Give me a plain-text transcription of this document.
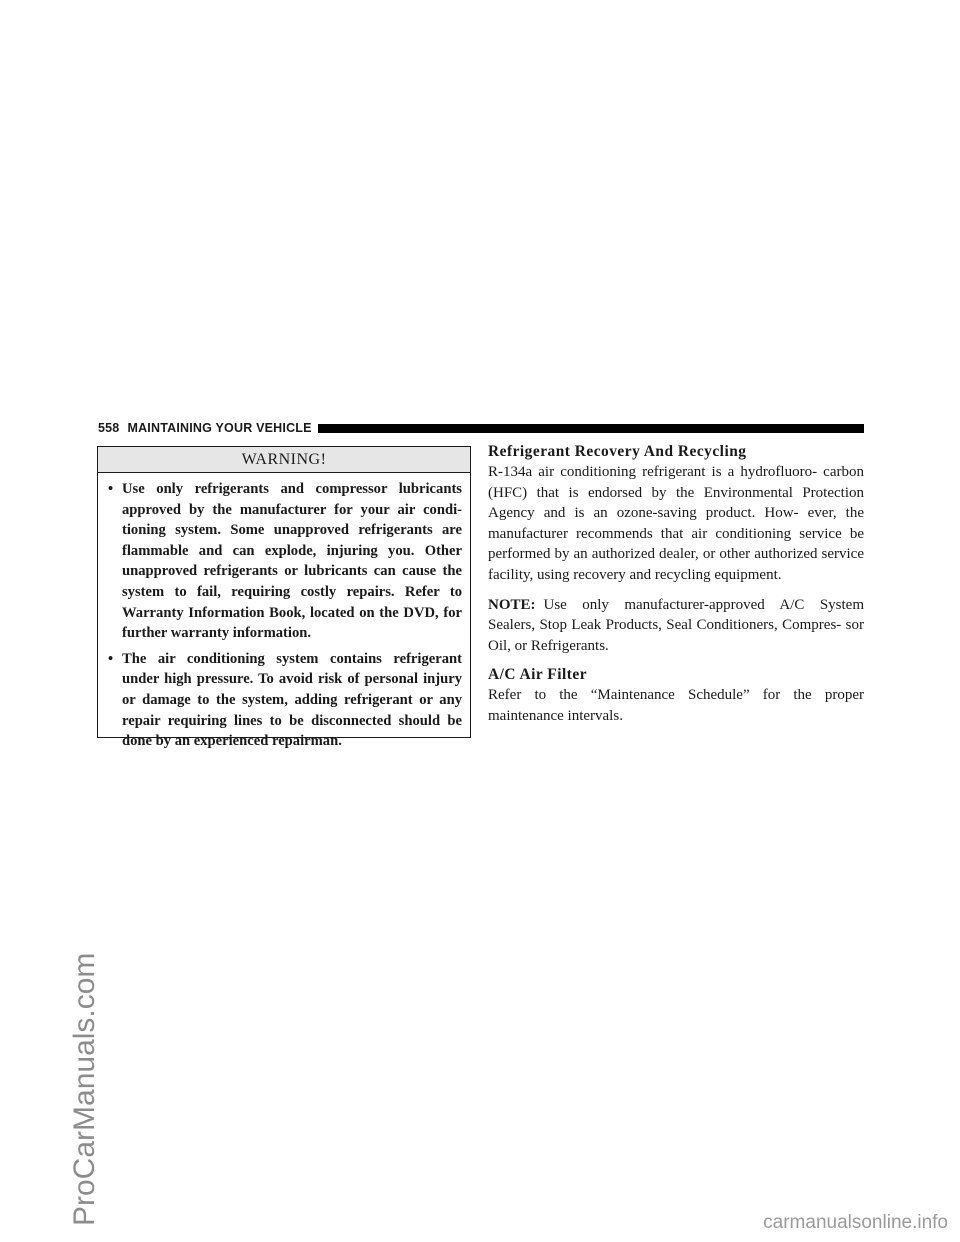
ProCarManuals.com
558 MAINTAINING YOUR VEHICLE
WARNING!
• Use only refrigerants and compressor lubricants approved by the manufacturer for your air condi- tioning system. Some unapproved refrigerants are flammable and can explode, injuring you. Other unapproved refrigerants or lubricants can cause the system to fail, requiring costly repairs. Refer to Warranty Information Book, located on the DVD, for further warranty information.
• The air conditioning system contains refrigerant under high pressure. To avoid risk of personal injury or damage to the system, adding refrigerant or any repair requiring lines to be disconnected should be done by an experienced repairman.
Refrigerant Recovery And Recycling

R-134a air conditioning refrigerant is a hydrofluoro- carbon (HFC) that is endorsed by the Environmental Protection Agency and is an ozone-saving product. How- ever, the manufacturer recommends that air conditioning service be performed by an authorized dealer, or other authorized service facility, using recovery and recycling equipment.

NOTE: Use only manufacturer-approved A/C System Sealers, Stop Leak Products, Seal Conditioners, Compres- sor Oil, or Refrigerants.

A/C Air Filter

Refer to the “Maintenance Schedule” for the proper maintenance intervals.

carmanualsonline.info
